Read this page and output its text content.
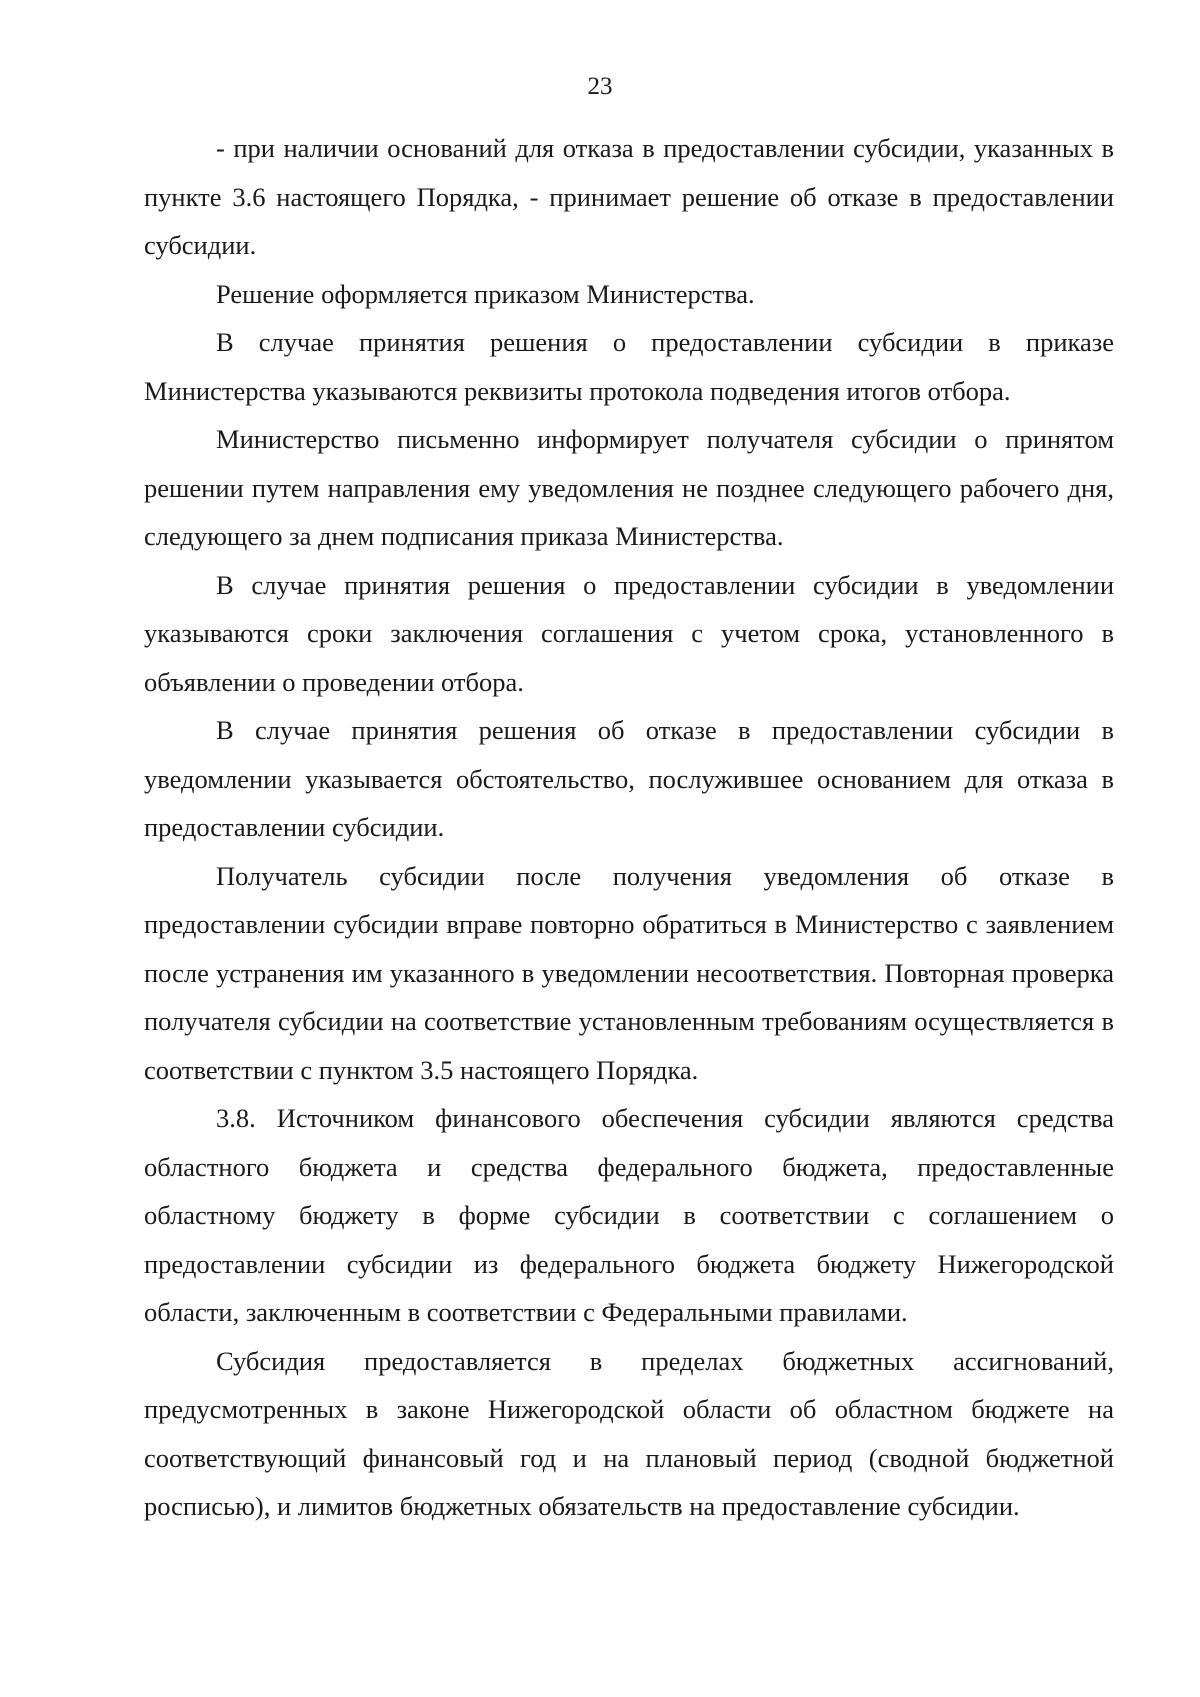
23

- при наличии оснований для отказа в предоставлении субсидии, указанных в пункте 3.6 настоящего Порядка, - принимает решение об отказе в предоставлении субсидии.

Решение оформляется приказом Министерства.

В случае принятия решения о предоставлении субсидии в приказе Министерства указываются реквизиты протокола подведения итогов отбора.

Министерство письменно информирует получателя субсидии о принятом решении путем направления ему уведомления не позднее следующего рабочего дня, следующего за днем подписания приказа Министерства.

В случае принятия решения о предоставлении субсидии в уведомлении указываются сроки заключения соглашения с учетом срока, установленного в объявлении о проведении отбора.

В случае принятия решения об отказе в предоставлении субсидии в уведомлении указывается обстоятельство, послужившее основанием для отказа в предоставлении субсидии.

Получатель субсидии после получения уведомления об отказе в предоставлении субсидии вправе повторно обратиться в Министерство с заявлением после устранения им указанного в уведомлении несоответствия. Повторная проверка получателя субсидии на соответствие установленным требованиям осуществляется в соответствии с пунктом 3.5 настоящего Порядка.

3.8. Источником финансового обеспечения субсидии являются средства областного бюджета и средства федерального бюджета, предоставленные областному бюджету в форме субсидии в соответствии с соглашением о предоставлении субсидии из федерального бюджета бюджету Нижегородской области, заключенным в соответствии с Федеральными правилами.

Субсидия предоставляется в пределах бюджетных ассигнований, предусмотренных в законе Нижегородской области об областном бюджете на соответствующий финансовый год и на плановый период (сводной бюджетной росписью), и лимитов бюджетных обязательств на предоставление субсидии.
